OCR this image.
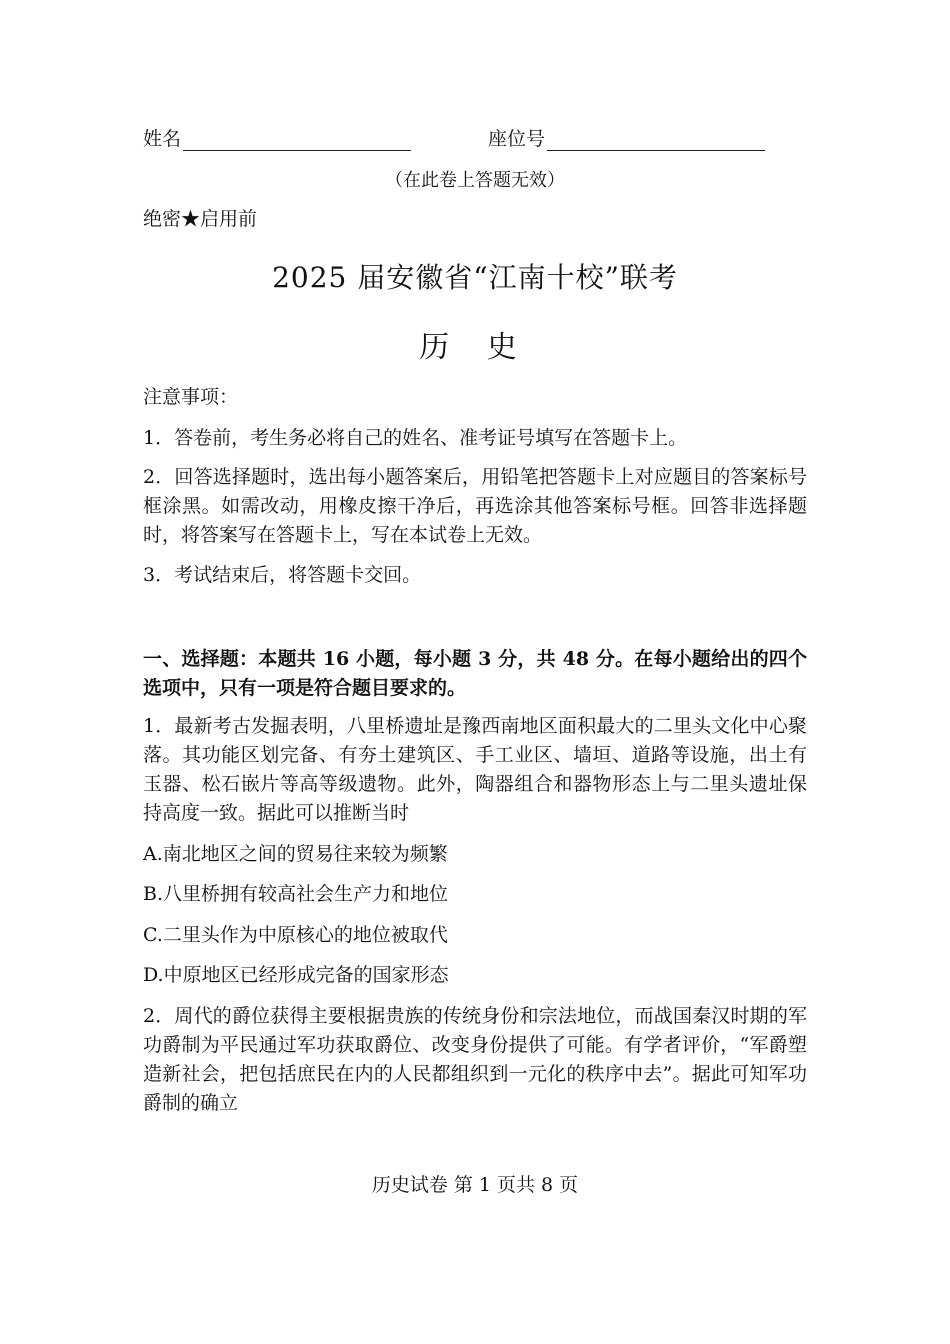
姓名	座位号
（在此卷上答题无效）
绝密★启用前
2025 届安徽省“江南十校”联考
历 史
注意事项：
1．答卷前，考生务必将自己的姓名、准考证号填写在答题卡上。
2．回答选择题时，选出每小题答案后，用铅笔把答题卡上对应题目的答案标号框涂黑。如需改动，用橡皮擦干净后，再选涂其他答案标号框。回答非选择题时，将答案写在答题卡上，写在本试卷上无效。
3．考试结束后，将答题卡交回。
一、选择题：本题共 16 小题，每小题 3 分，共 48 分。在每小题给出的四个选项中，只有一项是符合题目要求的。
1．最新考古发掘表明，八里桥遗址是豫西南地区面积最大的二里头文化中心聚落。其功能区划完备、有夯土建筑区、手工业区、墙垣、道路等设施，出土有玉器、松石嵌片等高等级遗物。此外，陶器组合和器物形态上与二里头遗址保持高度一致。据此可以推断当时
A.南北地区之间的贸易往来较为频繁
B.八里桥拥有较高社会生产力和地位
C.二里头作为中原核心的地位被取代
D.中原地区已经形成完备的国家形态
2．周代的爵位获得主要根据贵族的传统身份和宗法地位，而战国秦汉时期的军功爵制为平民通过军功获取爵位、改变身份提供了可能。有学者评价，“军爵塑造新社会，把包括庶民在内的人民都组织到一元化的秩序中去”。据此可知军功爵制的确立
历史试卷 第 1 页共 8 页
